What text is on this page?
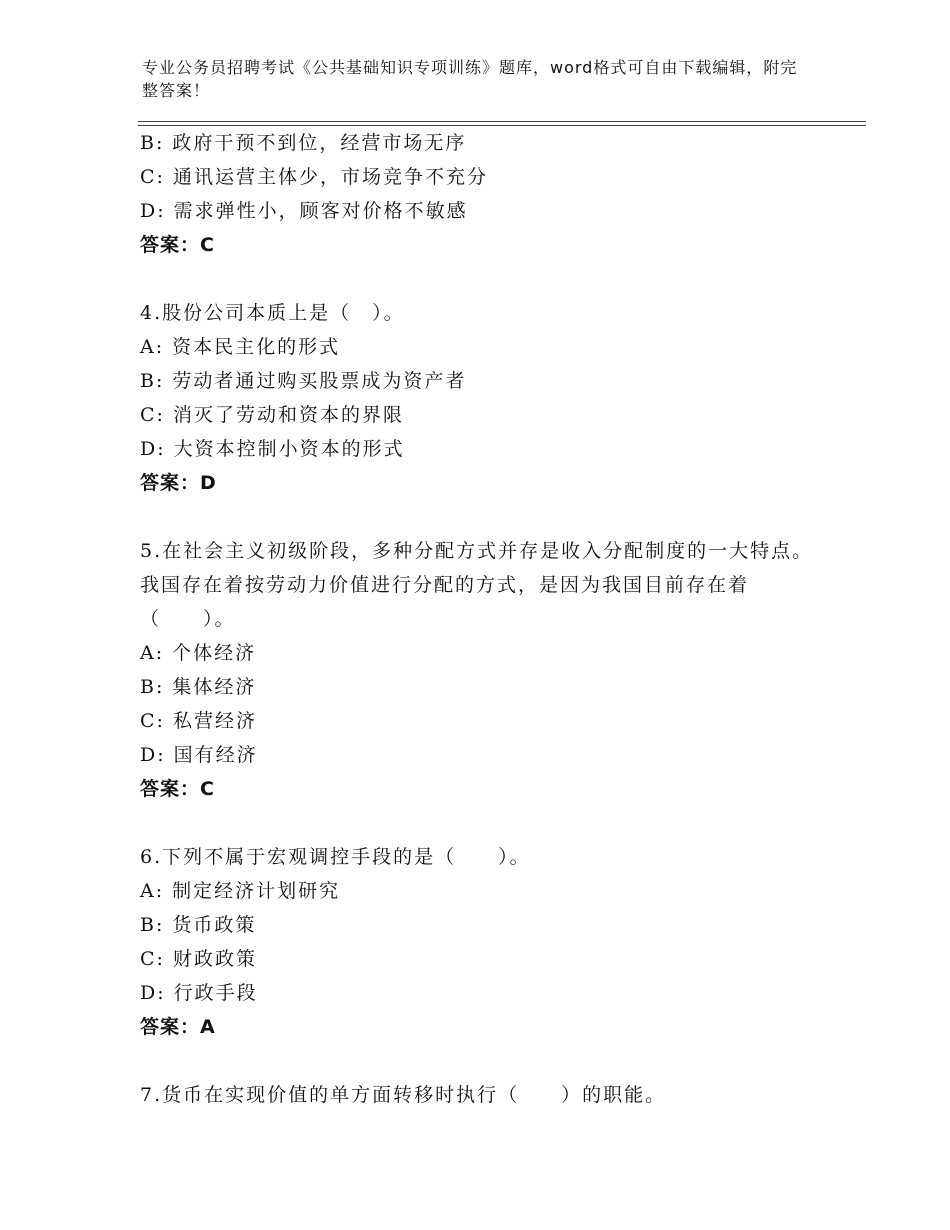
专业公务员招聘考试《公共基础知识专项训练》题库，word格式可自由下载编辑，附完整答案！
B: 政府干预不到位，经营市场无序
C: 通讯运营主体少，市场竞争不充分
D: 需求弹性小，顾客对价格不敏感
答案：C
4.股份公司本质上是（　）。
A: 资本民主化的形式
B: 劳动者通过购买股票成为资产者
C: 消灭了劳动和资本的界限
D: 大资本控制小资本的形式
答案：D
5.在社会主义初级阶段，多种分配方式并存是收入分配制度的一大特点。我国存在着按劳动力价值进行分配的方式，是因为我国目前存在着（　　）。
A: 个体经济
B: 集体经济
C: 私营经济
D: 国有经济
答案：C
6.下列不属于宏观调控手段的是（　　）。
A: 制定经济计划研究
B: 货币政策
C: 财政政策
D: 行政手段
答案：A
7.货币在实现价值的单方面转移时执行（　　）的职能。
